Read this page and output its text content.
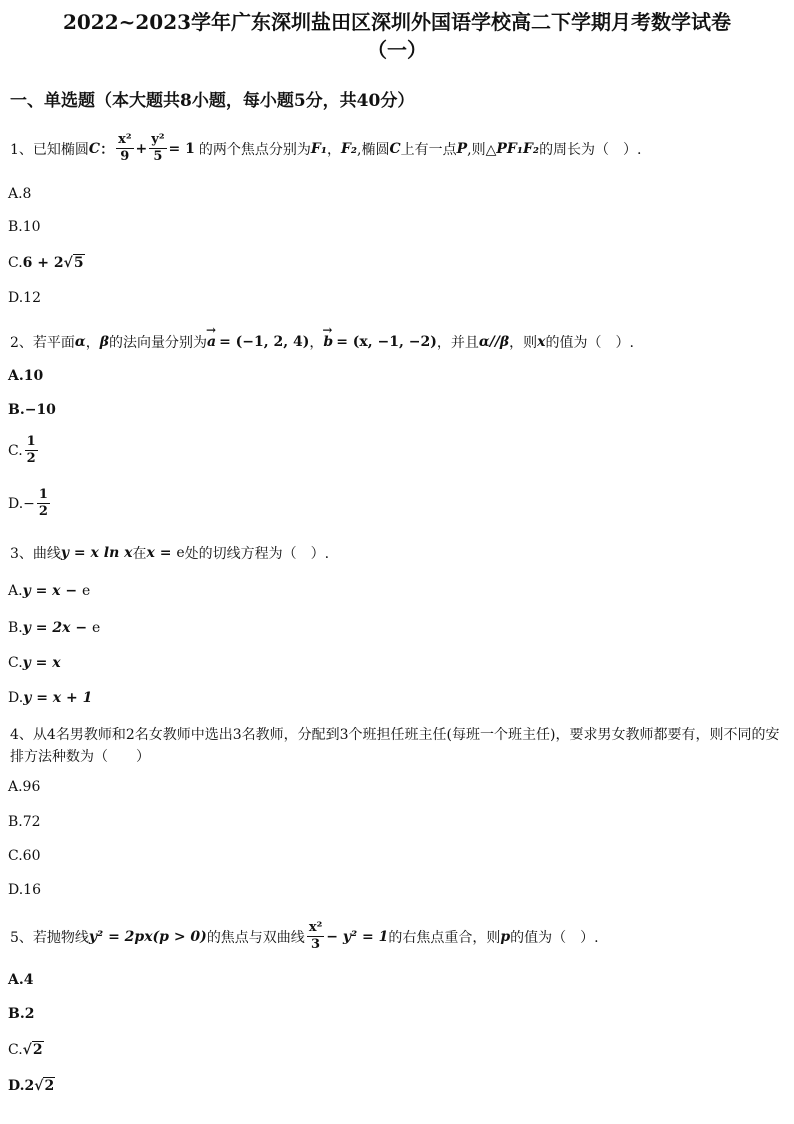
2022~2023学年广东深圳盐田区深圳外国语学校高二下学期月考数学试卷
（一）
一、单选题（本大题共8小题，每小题5分，共40分）
1、 已知椭圆 C ： $\frac{\text{x²}}{9} + \frac{\text{y²}}{5} = 1$ 的两个焦点分别为 F₁ ， F₂ ,椭圆 C 上有一点 P ,则△ PF₁F₂ 的周长为（　）.
A.8
B.10
C. 6 + 2 √5
D.12
2、 若平面 α ， β 的法向量分别为 → a = (−1, 2, 4) ， → b = (x, −1, −2) ，并且 α//β ，则 x 的值为（　）.
A.10
B.−10
C. $\frac{1}{2}$
$D.- \frac{1}{2}$
3、 曲线 y = x ln x 在 x = e 处的切线方程为（　）.
A. y = x − e
B. y = 2x − e
C. y = x
D. y = x + 1
4、从4名男教师和2名女教师中选出3名教师，分配到3个班担任班主任(每班一个班主任)，要求男女教师都要有，则不同的安排方法种数为（　　）
A.96
B.72
C.60
D.16
5、 若抛物线 y² = 2px(p > 0) 的焦点与双曲线 $\frac{\text{x²}}{3} - y^2 = 1$ 的右焦点重合，则 p 的值为（　）.
A.4
B.2
C. √2
D.2 √2
